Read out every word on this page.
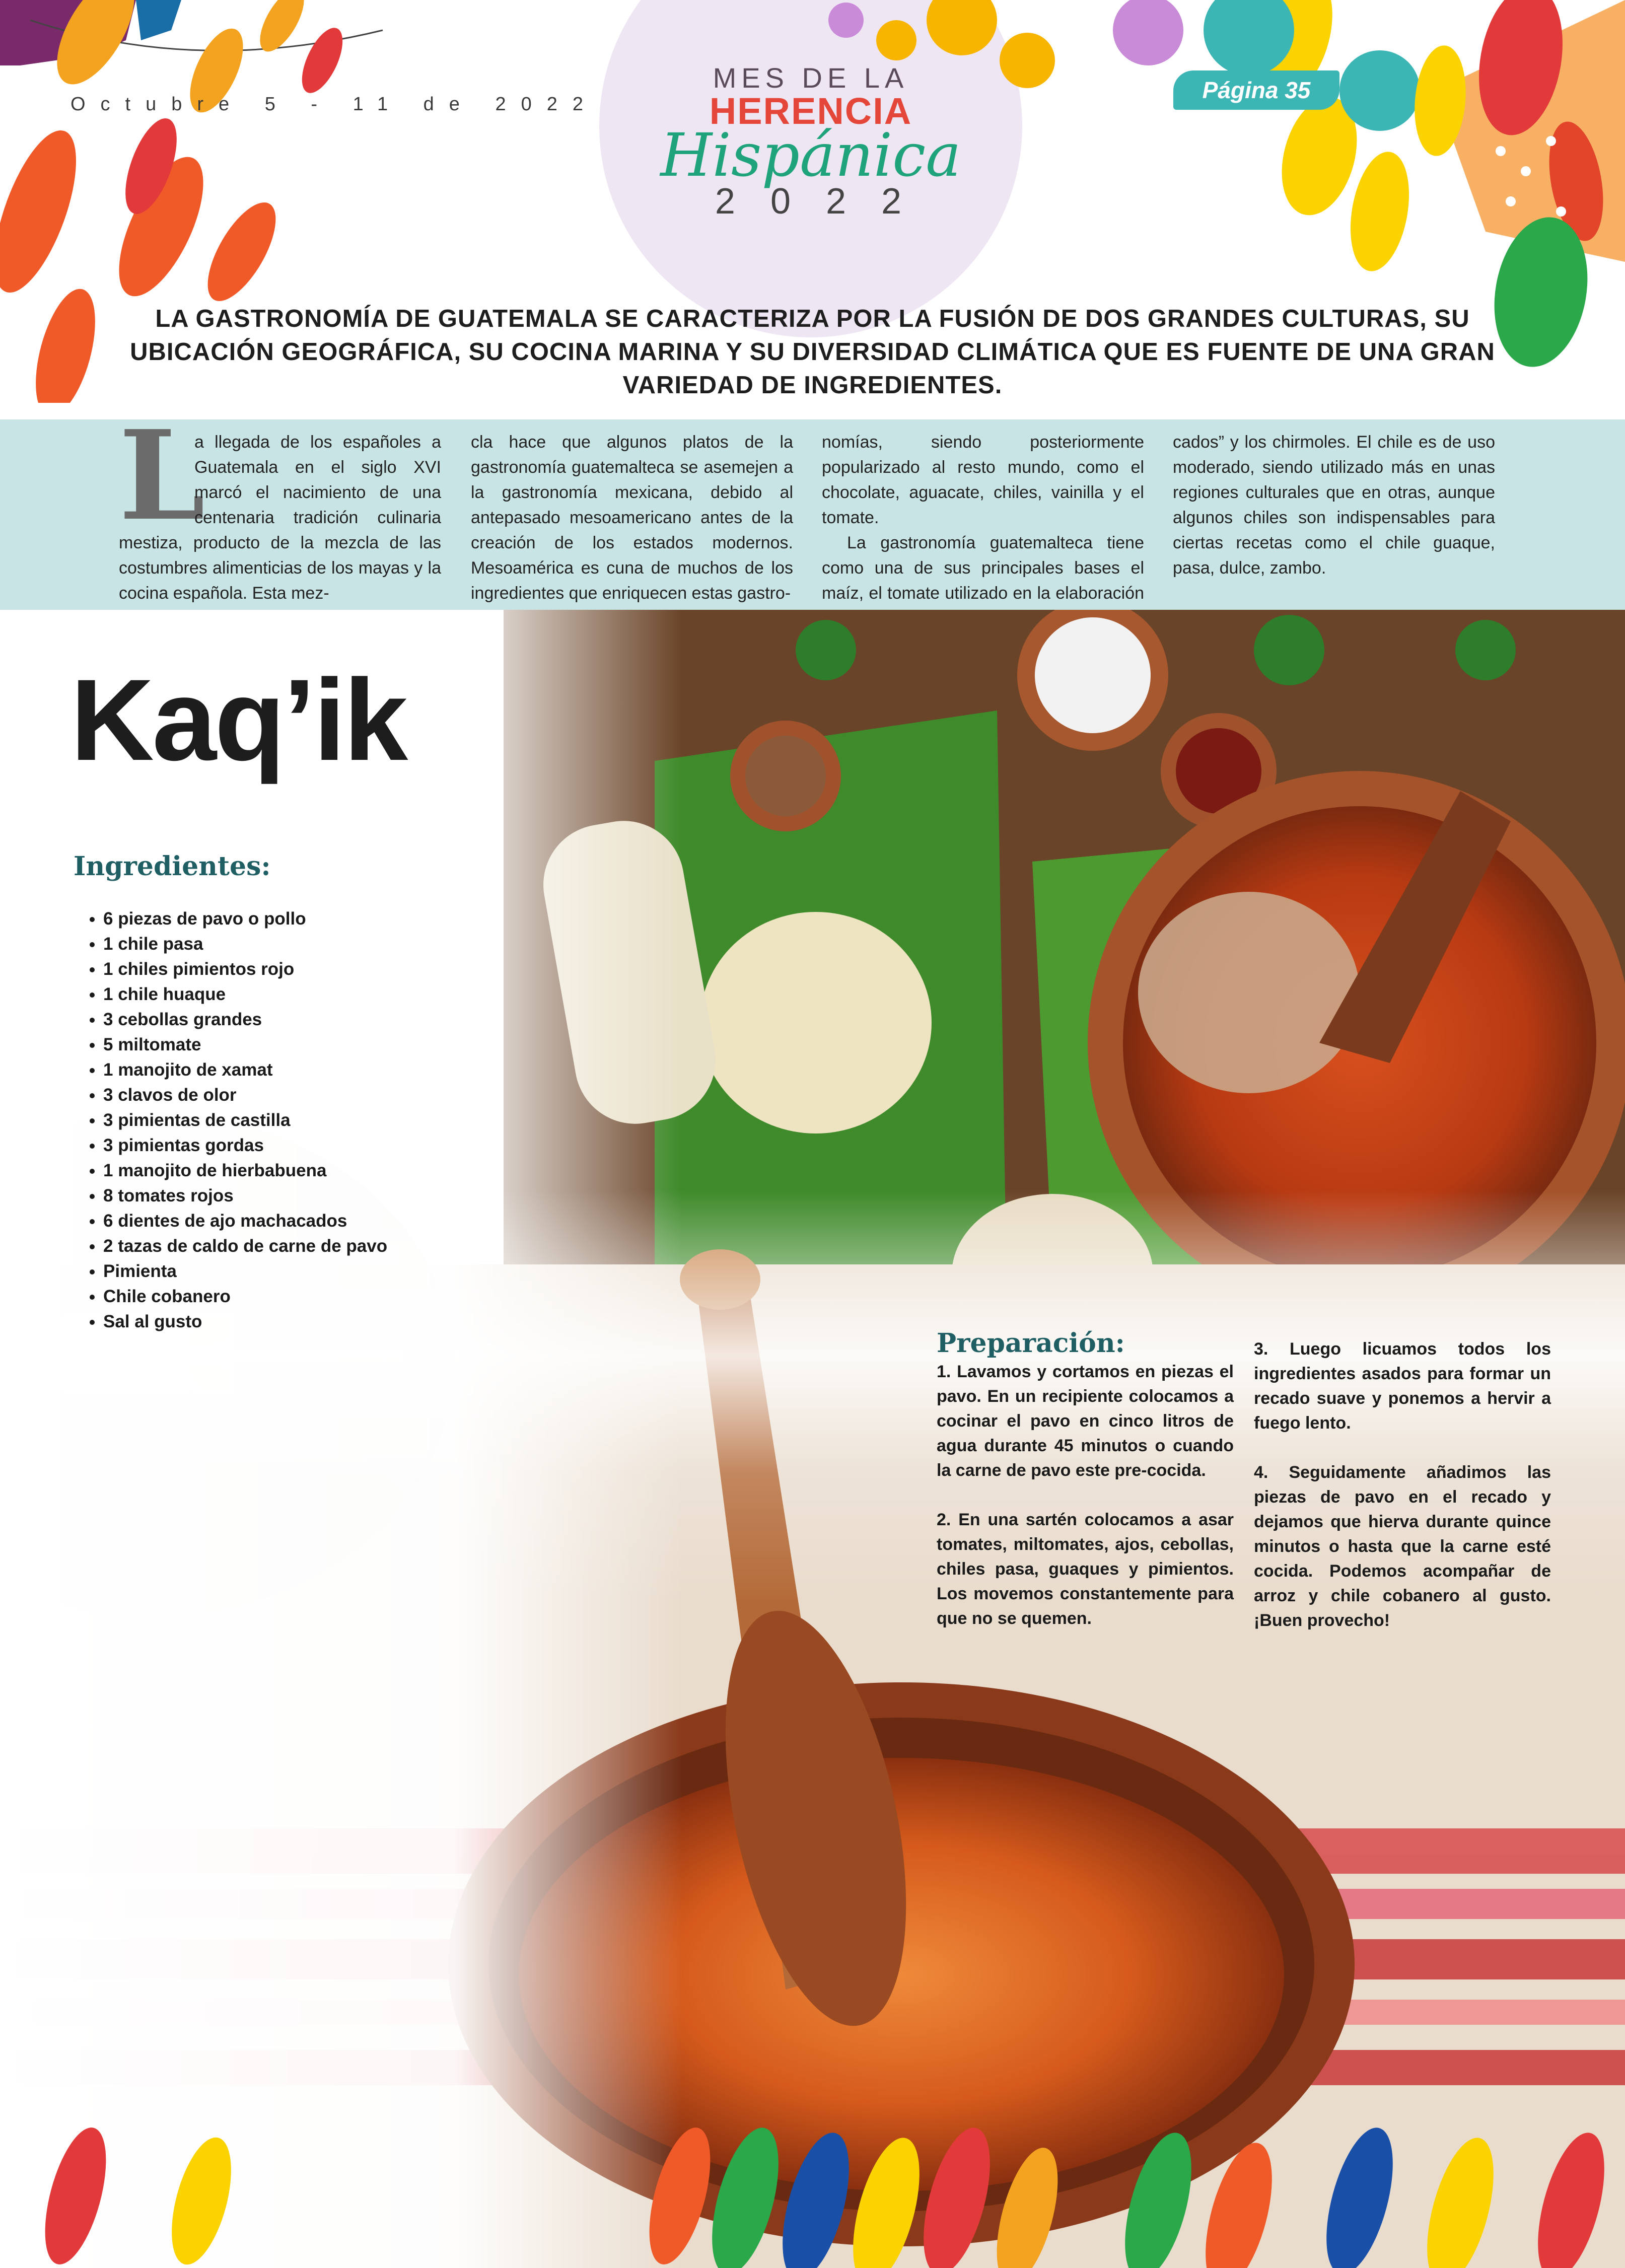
Octubre 5 - 11 de 2022
MES DE LA
HERENCIA
Hispánica
2022
Página 35
LA GASTRONOMÍA DE GUATEMALA SE CARACTERIZA POR LA FUSIÓN DE DOS GRANDES CULTURAS, SU UBICACIÓN GEOGRÁFICA, SU COCINA MARINA Y SU DIVERSIDAD CLIMÁTICA QUE ES FUENTE DE UNA GRAN VARIEDAD DE INGREDIENTES.
L
a llegada de los españoles a Guatemala en el siglo XVI marcó el nacimiento de una centenaria tradición culinaria mestiza, producto de la mezcla de las costumbres alimenticias de los mayas y la cocina española. Esta mez-
cla hace que algunos platos de la gastronomía guatemalteca se asemejen a la gastronomía mexicana, debido al antepasado mesoamericano antes de la creación de los estados modernos. Mesoamérica es cuna de muchos de los ingredientes que enriquecen estas gastro-
nomías, siendo posteriormente popularizado al resto mundo, como el chocolate, aguacate, chiles, vainilla y el tomate.
La gastronomía guatemalteca tiene como una de sus principales bases el maíz, el tomate utilizado en la elaboración
cados” y los chirmoles. El chile es de uso moderado, siendo utilizado más en unas regiones culturales que en otras, aunque algunos chiles son indispensables para ciertas recetas como el chile guaque, pasa, dulce, zambo.
Kaq’ik
Ingredientes:
• 6 piezas de pavo o pollo
• 1 chile pasa
• 1 chiles pimientos rojo
• 1 chile huaque
• 3 cebollas grandes
• 5 miltomate
• 1 manojito de xamat
• 3 clavos de olor
• 3 pimientas de castilla
• 3 pimientas gordas
• 1 manojito de hierbabuena
• 8 tomates rojos
• 6 dientes de ajo machacados
• 2 tazas de caldo de carne de pavo
• Pimienta
• Chile cobanero
• Sal al gusto
Preparación:

1. Lavamos y cortamos en piezas el pavo. En un recipiente colocamos a cocinar el pavo en cinco litros de agua durante 45 minutos o cuando la carne de pavo este pre-cocida.

2. En una sartén colocamos a asar tomates, miltomates, ajos, cebollas, chiles pasa, guaques y pimientos. Los movemos constantemente para que no se quemen.

3. Luego licuamos todos los ingredientes asados para formar un recado suave y ponemos a hervir a fuego lento.

4. Seguidamente añadimos las piezas de pavo en el recado y dejamos que hierva durante quince minutos o hasta que la carne esté cocida. Podemos acompañar de arroz y chile cobanero al gusto. ¡Buen provecho!
